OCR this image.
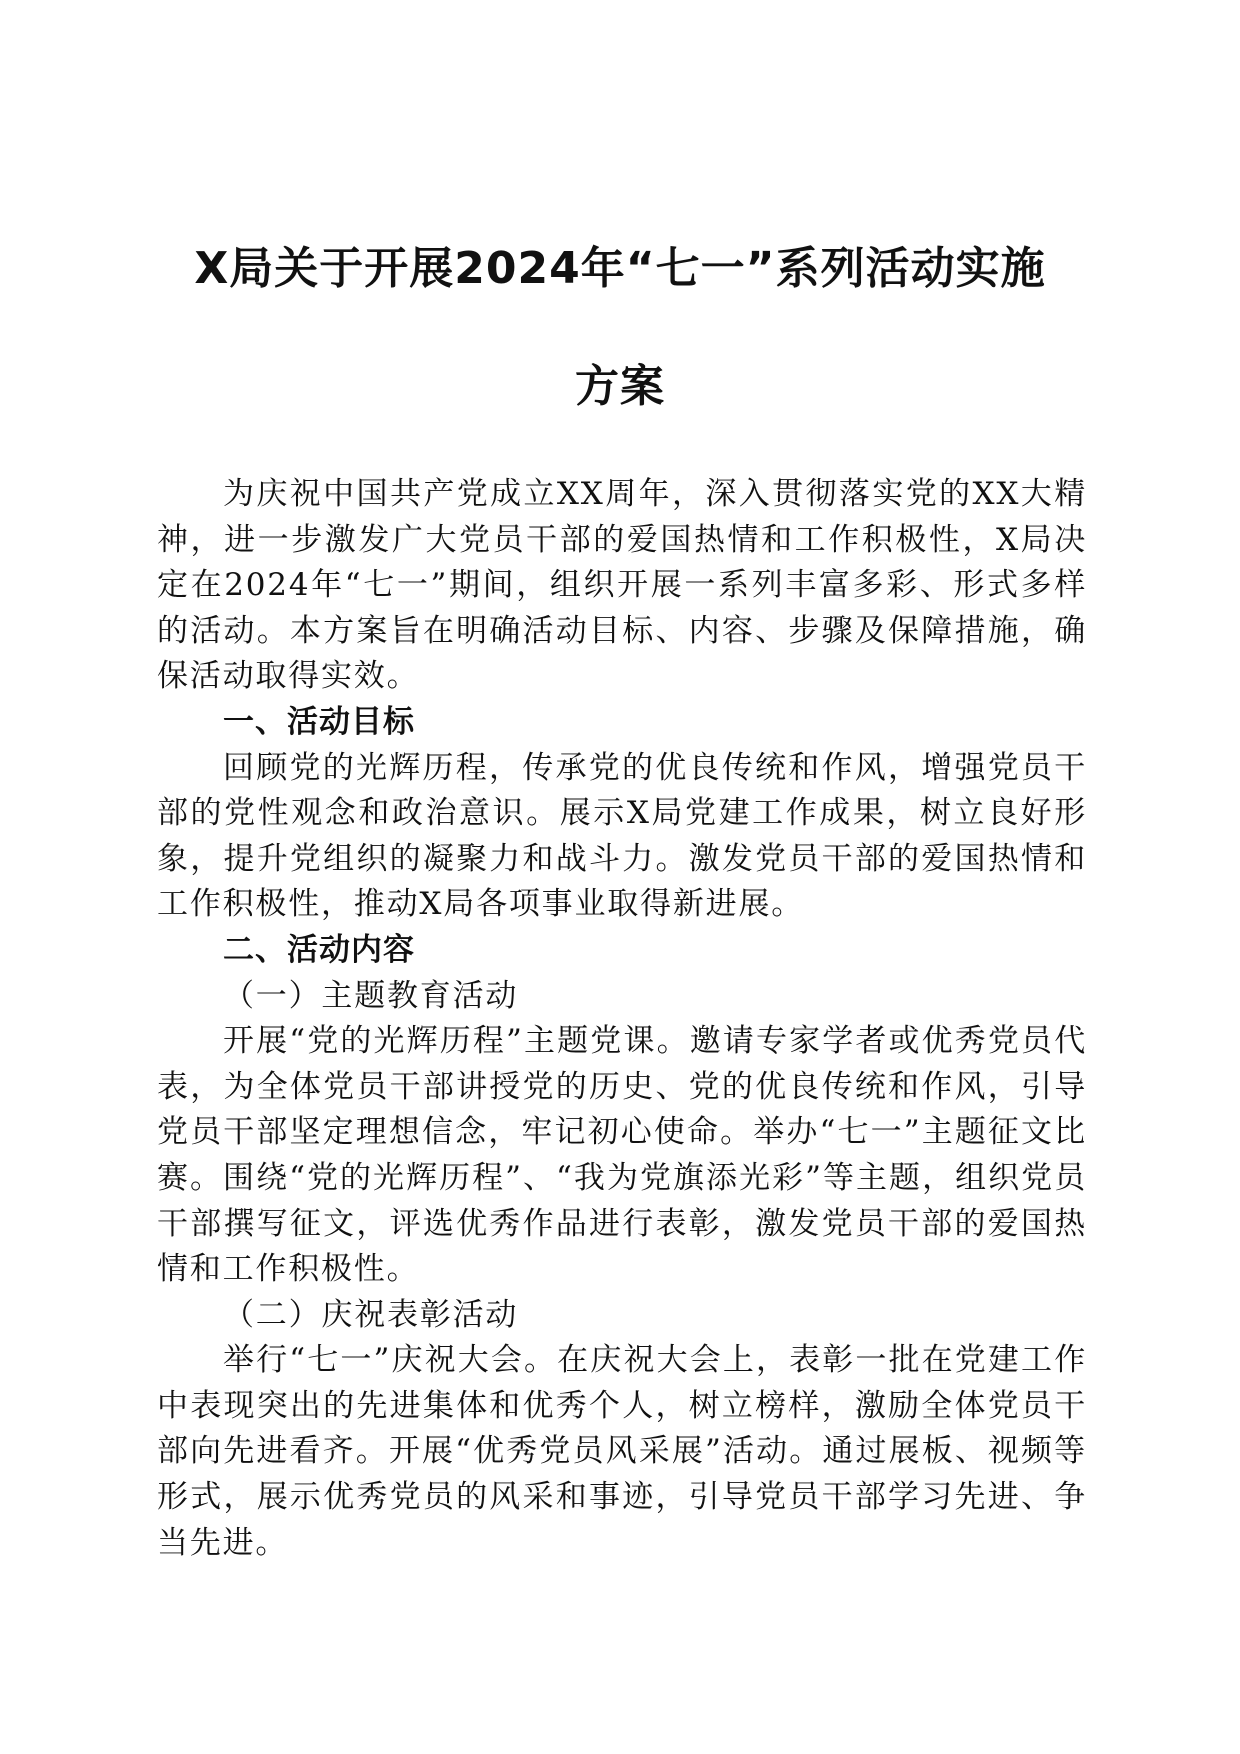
X局关于开展2024年“七一”系列活动实施
方案

为庆祝中国共产党成立XX周年，深入贯彻落实党的XX大精神，进一步激发广大党员干部的爱国热情和工作积极性，X局决定在2024年“七一”期间，组织开展一系列丰富多彩、形式多样的活动。本方案旨在明确活动目标、内容、步骤及保障措施，确保活动取得实效。

一、活动目标

回顾党的光辉历程，传承党的优良传统和作风，增强党员干部的党性观念和政治意识。展示X局党建工作成果，树立良好形象，提升党组织的凝聚力和战斗力。激发党员干部的爱国热情和工作积极性，推动X局各项事业取得新进展。

二、活动内容

（一）主题教育活动

开展“党的光辉历程”主题党课。邀请专家学者或优秀党员代表，为全体党员干部讲授党的历史、党的优良传统和作风，引导党员干部坚定理想信念，牢记初心使命。举办“七一”主题征文比赛。围绕“党的光辉历程”、“我为党旗添光彩”等主题，组织党员干部撰写征文，评选优秀作品进行表彰，激发党员干部的爱国热情和工作积极性。

（二）庆祝表彰活动

举行“七一”庆祝大会。在庆祝大会上，表彰一批在党建工作中表现突出的先进集体和优秀个人，树立榜样，激励全体党员干部向先进看齐。开展“优秀党员风采展”活动。通过展板、视频等形式，展示优秀党员的风采和事迹，引导党员干部学习先进、争当先进。
